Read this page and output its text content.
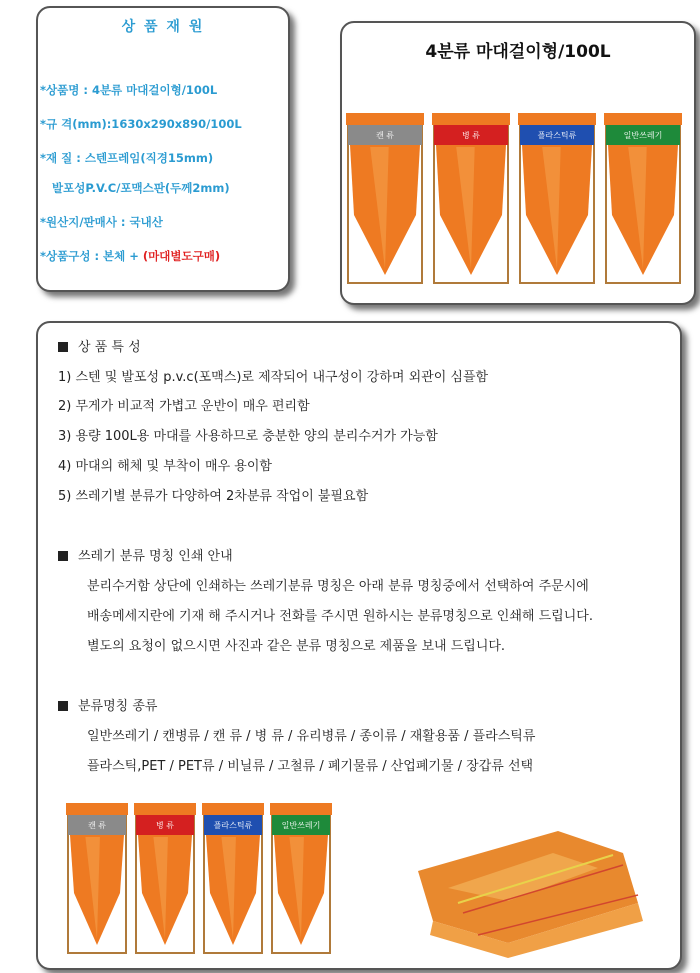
상 품 재 원
*상품명 : 4분류 마대걸이형/100L
*규 격(mm):1630x290x890/100L
*재 질 : 스텐프레임(직경15mm)
발포성P.V.C/포맥스판(두께2mm)
*원산지/판매사 : 국내산
*상품구성 : 본체 + (마대별도구매)
4분류 마대걸이형/100L
캔 류	병 류	플라스틱류	일반쓰레기
상 품 특 성
1) 스텐 및 발포성 p.v.c(포맥스)로 제작되어 내구성이 강하며 외관이 심플함
2) 무게가 비교적 가볍고 운반이 매우 편리함
3) 용량 100L용 마대를 사용하므로 충분한 양의 분리수거가 가능함
4) 마대의 해체 및 부착이 매우 용이함
5) 쓰레기별 분류가 다양하여 2차분류 작업이 불필요함
쓰레기 분류 명칭 인쇄 안내
분리수거함 상단에 인쇄하는 쓰레기분류 명칭은 아래 분류 명칭중에서 선택하여 주문시에
배송메세지란에 기재 해 주시거나 전화를 주시면 원하시는 분류명칭으로 인쇄해 드립니다.
별도의 요청이 없으시면 사진과 같은 분류 명칭으로 제품을 보내 드립니다.
분류명칭 종류
일반쓰레기 / 캔병류 / 캔 류 / 병 류 / 유리병류 / 종이류 / 재활용품 / 플라스틱류
플라스틱,PET / PET류 / 비닐류 / 고철류 / 폐기물류 / 산업폐기물 / 장갑류 선택
캔 류	병 류	플라스틱류	일반쓰레기
